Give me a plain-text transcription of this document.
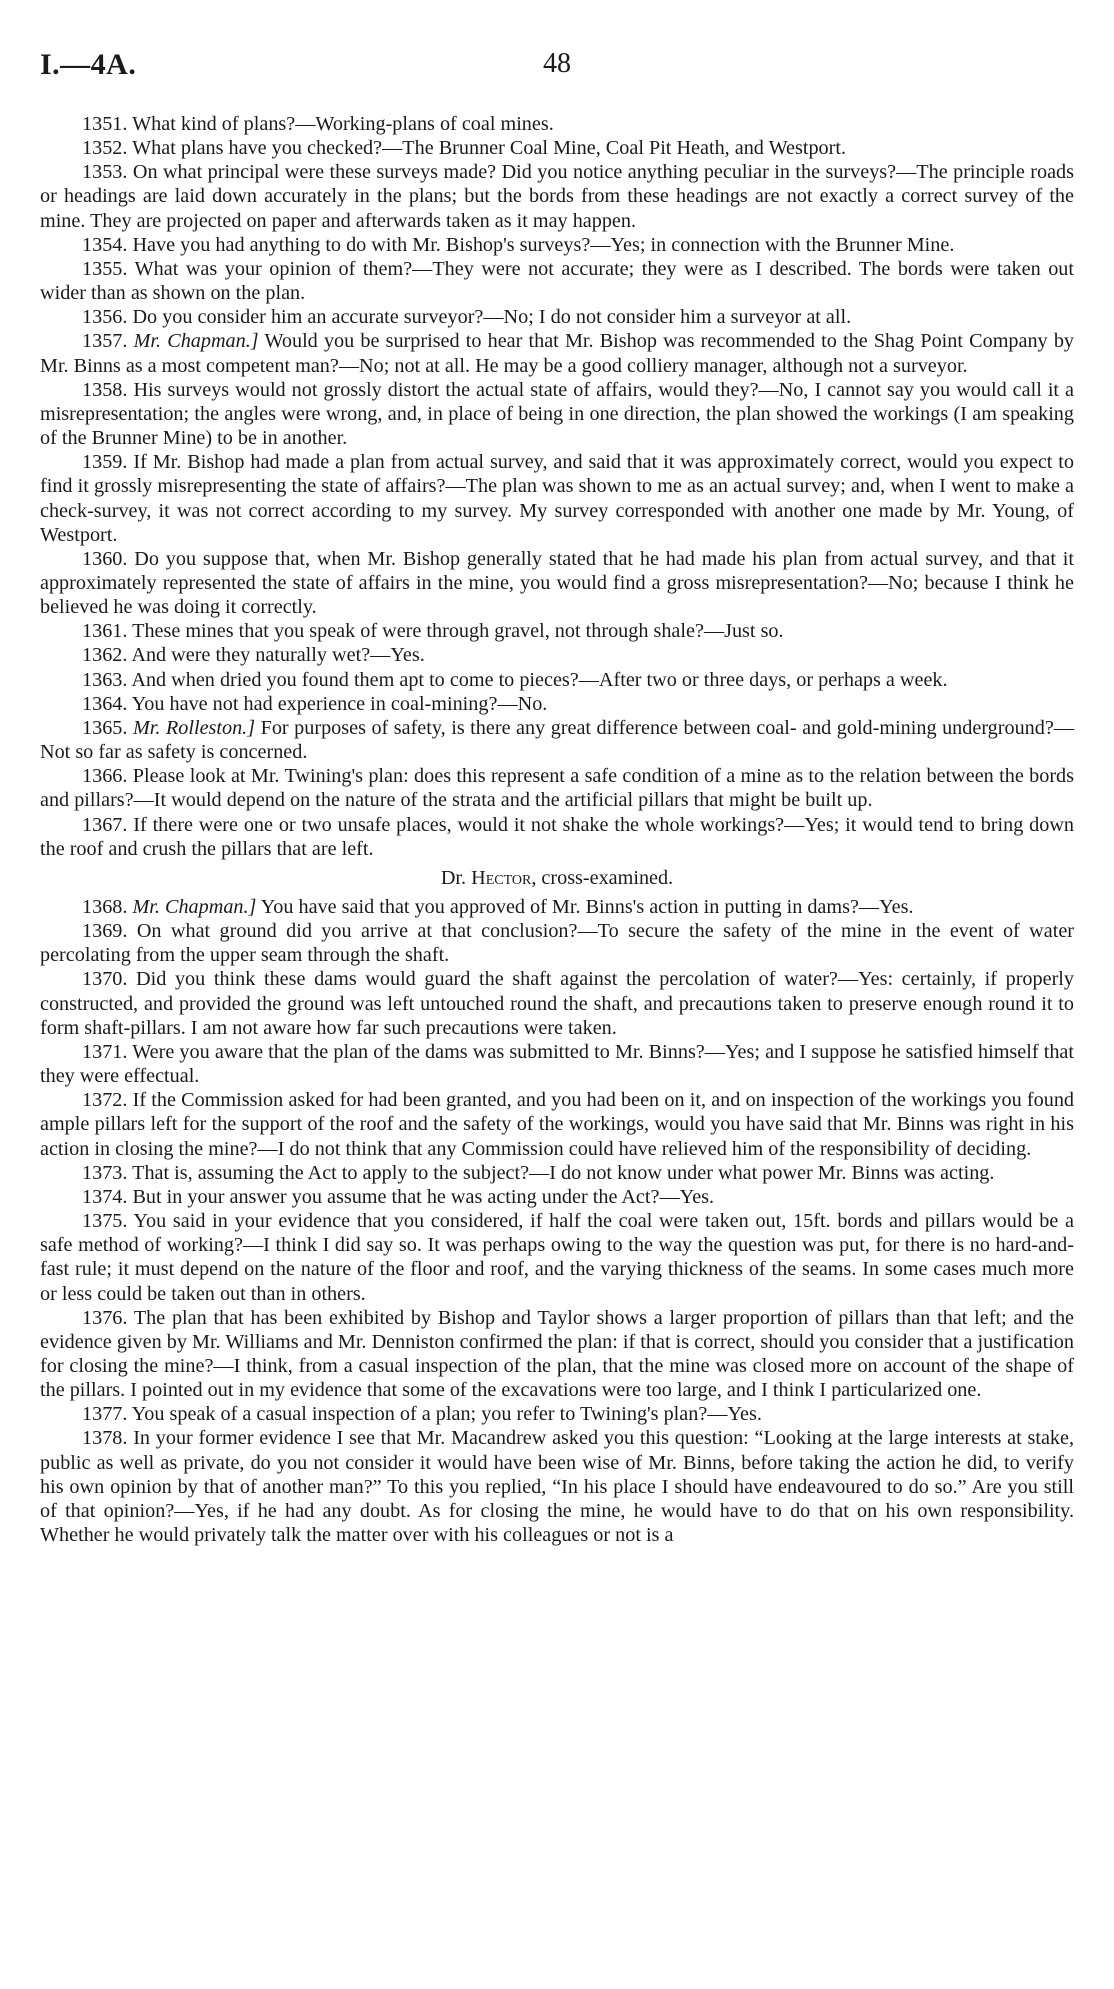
I.—4A.	48

1351. What kind of plans?—Working-plans of coal mines.

1352. What plans have you checked?—The Brunner Coal Mine, Coal Pit Heath, and Westport.

1353. On what principal were these surveys made? Did you notice anything peculiar in the surveys?—The principle roads or headings are laid down accurately in the plans; but the bords from these headings are not exactly a correct survey of the mine. They are projected on paper and afterwards taken as it may happen.

1354. Have you had anything to do with Mr. Bishop's surveys?—Yes; in connection with the Brunner Mine.

1355. What was your opinion of them?—They were not accurate; they were as I described. The bords were taken out wider than as shown on the plan.

1356. Do you consider him an accurate surveyor?—No; I do not consider him a surveyor at all.

1357. Mr. Chapman.] Would you be surprised to hear that Mr. Bishop was recommended to the Shag Point Company by Mr. Binns as a most competent man?—No; not at all. He may be a good colliery manager, although not a surveyor.

1358. His surveys would not grossly distort the actual state of affairs, would they?—No, I cannot say you would call it a misrepresentation; the angles were wrong, and, in place of being in one direction, the plan showed the workings (I am speaking of the Brunner Mine) to be in another.

1359. If Mr. Bishop had made a plan from actual survey, and said that it was approximately correct, would you expect to find it grossly misrepresenting the state of affairs?—The plan was shown to me as an actual survey; and, when I went to make a check-survey, it was not correct according to my survey. My survey corresponded with another one made by Mr. Young, of Westport.

1360. Do you suppose that, when Mr. Bishop generally stated that he had made his plan from actual survey, and that it approximately represented the state of affairs in the mine, you would find a gross misrepresentation?—No; because I think he believed he was doing it correctly.

1361. These mines that you speak of were through gravel, not through shale?—Just so.

1362. And were they naturally wet?—Yes.

1363. And when dried you found them apt to come to pieces?—After two or three days, or perhaps a week.

1364. You have not had experience in coal-mining?—No.

1365. Mr. Rolleston.] For purposes of safety, is there any great difference between coal- and gold-mining underground?—Not so far as safety is concerned.

1366. Please look at Mr. Twining's plan: does this represent a safe condition of a mine as to the relation between the bords and pillars?—It would depend on the nature of the strata and the artificial pillars that might be built up.

1367. If there were one or two unsafe places, would it not shake the whole workings?—Yes; it would tend to bring down the roof and crush the pillars that are left.

Dr. Hector, cross-examined.

1368. Mr. Chapman.] You have said that you approved of Mr. Binns's action in putting in dams?—Yes.

1369. On what ground did you arrive at that conclusion?—To secure the safety of the mine in the event of water percolating from the upper seam through the shaft.

1370. Did you think these dams would guard the shaft against the percolation of water?—Yes: certainly, if properly constructed, and provided the ground was left untouched round the shaft, and precautions taken to preserve enough round it to form shaft-pillars. I am not aware how far such precautions were taken.

1371. Were you aware that the plan of the dams was submitted to Mr. Binns?—Yes; and I suppose he satisfied himself that they were effectual.

1372. If the Commission asked for had been granted, and you had been on it, and on inspection of the workings you found ample pillars left for the support of the roof and the safety of the workings, would you have said that Mr. Binns was right in his action in closing the mine?—I do not think that any Commission could have relieved him of the responsibility of deciding.

1373. That is, assuming the Act to apply to the subject?—I do not know under what power Mr. Binns was acting.

1374. But in your answer you assume that he was acting under the Act?—Yes.

1375. You said in your evidence that you considered, if half the coal were taken out, 15ft. bords and pillars would be a safe method of working?—I think I did say so. It was perhaps owing to the way the question was put, for there is no hard-and-fast rule; it must depend on the nature of the floor and roof, and the varying thickness of the seams. In some cases much more or less could be taken out than in others.

1376. The plan that has been exhibited by Bishop and Taylor shows a larger proportion of pillars than that left; and the evidence given by Mr. Williams and Mr. Denniston confirmed the plan: if that is correct, should you consider that a justification for closing the mine?—I think, from a casual inspection of the plan, that the mine was closed more on account of the shape of the pillars. I pointed out in my evidence that some of the excavations were too large, and I think I particularized one.

1377. You speak of a casual inspection of a plan; you refer to Twining's plan?—Yes.

1378. In your former evidence I see that Mr. Macandrew asked you this question: “Looking at the large interests at stake, public as well as private, do you not consider it would have been wise of Mr. Binns, before taking the action he did, to verify his own opinion by that of another man?” To this you replied, “In his place I should have endeavoured to do so.” Are you still of that opinion?—Yes, if he had any doubt. As for closing the mine, he would have to do that on his own responsibility. Whether he would privately talk the matter over with his colleagues or not is a
